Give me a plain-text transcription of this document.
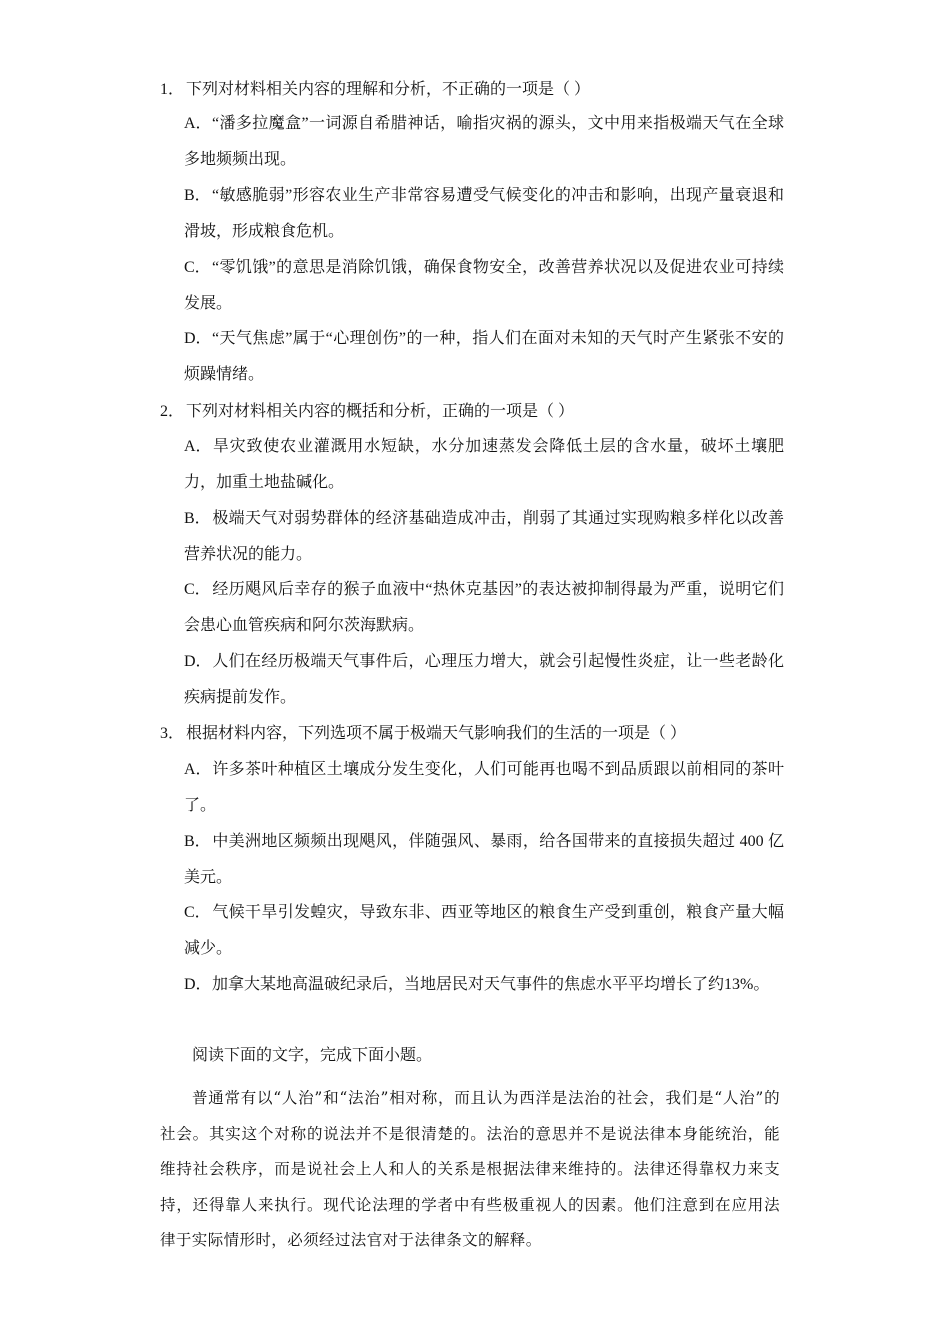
1． 下列对材料相关内容的理解和分析，不正确的一项是（ ）
A．“潘多拉魔盒”一词源自希腊神话，喻指灾祸的源头，文中用来指极端天气在全球多地频频出现。
B．“敏感脆弱”形容农业生产非常容易遭受气候变化的冲击和影响，出现产量衰退和滑坡，形成粮食危机。
C．“零饥饿”的意思是消除饥饿，确保食物安全，改善营养状况以及促进农业可持续发展。
D．“天气焦虑”属于“心理创伤”的一种，指人们在面对未知的天气时产生紧张不安的烦躁情绪。
2． 下列对材料相关内容的概括和分析，正确的一项是（ ）
A．旱灾致使农业灌溉用水短缺，水分加速蒸发会降低土层的含水量，破坏土壤肥力，加重土地盐碱化。
B．极端天气对弱势群体的经济基础造成冲击，削弱了其通过实现购粮多样化以改善营养状况的能力。
C．经历飓风后幸存的猴子血液中“热休克基因”的表达被抑制得最为严重，说明它们会患心血管疾病和阿尔茨海默病。
D．人们在经历极端天气事件后，心理压力增大，就会引起慢性炎症，让一些老龄化疾病提前发作。
3． 根据材料内容，下列选项不属于极端天气影响我们的生活的一项是（ ）
A．许多茶叶种植区土壤成分发生变化，人们可能再也喝不到品质跟以前相同的茶叶了。
B．中美洲地区频频出现飓风，伴随强风、暴雨，给各国带来的直接损失超过 400 亿美元。
C．气候干旱引发蝗灾，导致东非、西亚等地区的粮食生产受到重创，粮食产量大幅减少。
D．加拿大某地高温破纪录后，当地居民对天气事件的焦虑水平平均增长了约13%。
阅读下面的文字，完成下面小题。
普通常有以“人治”和“法治”相对称，而且认为西洋是法治的社会，我们是“人治”的社会。其实这个对称的说法并不是很清楚的。法治的意思并不是说法律本身能统治，能维持社会秩序，而是说社会上人和人的关系是根据法律来维持的。法律还得靠权力来支持，还得靠人来执行。现代论法理的学者中有些极重视人的因素。他们注意到在应用法律于实际情形时，必须经过法官对于法律条文的解释。
